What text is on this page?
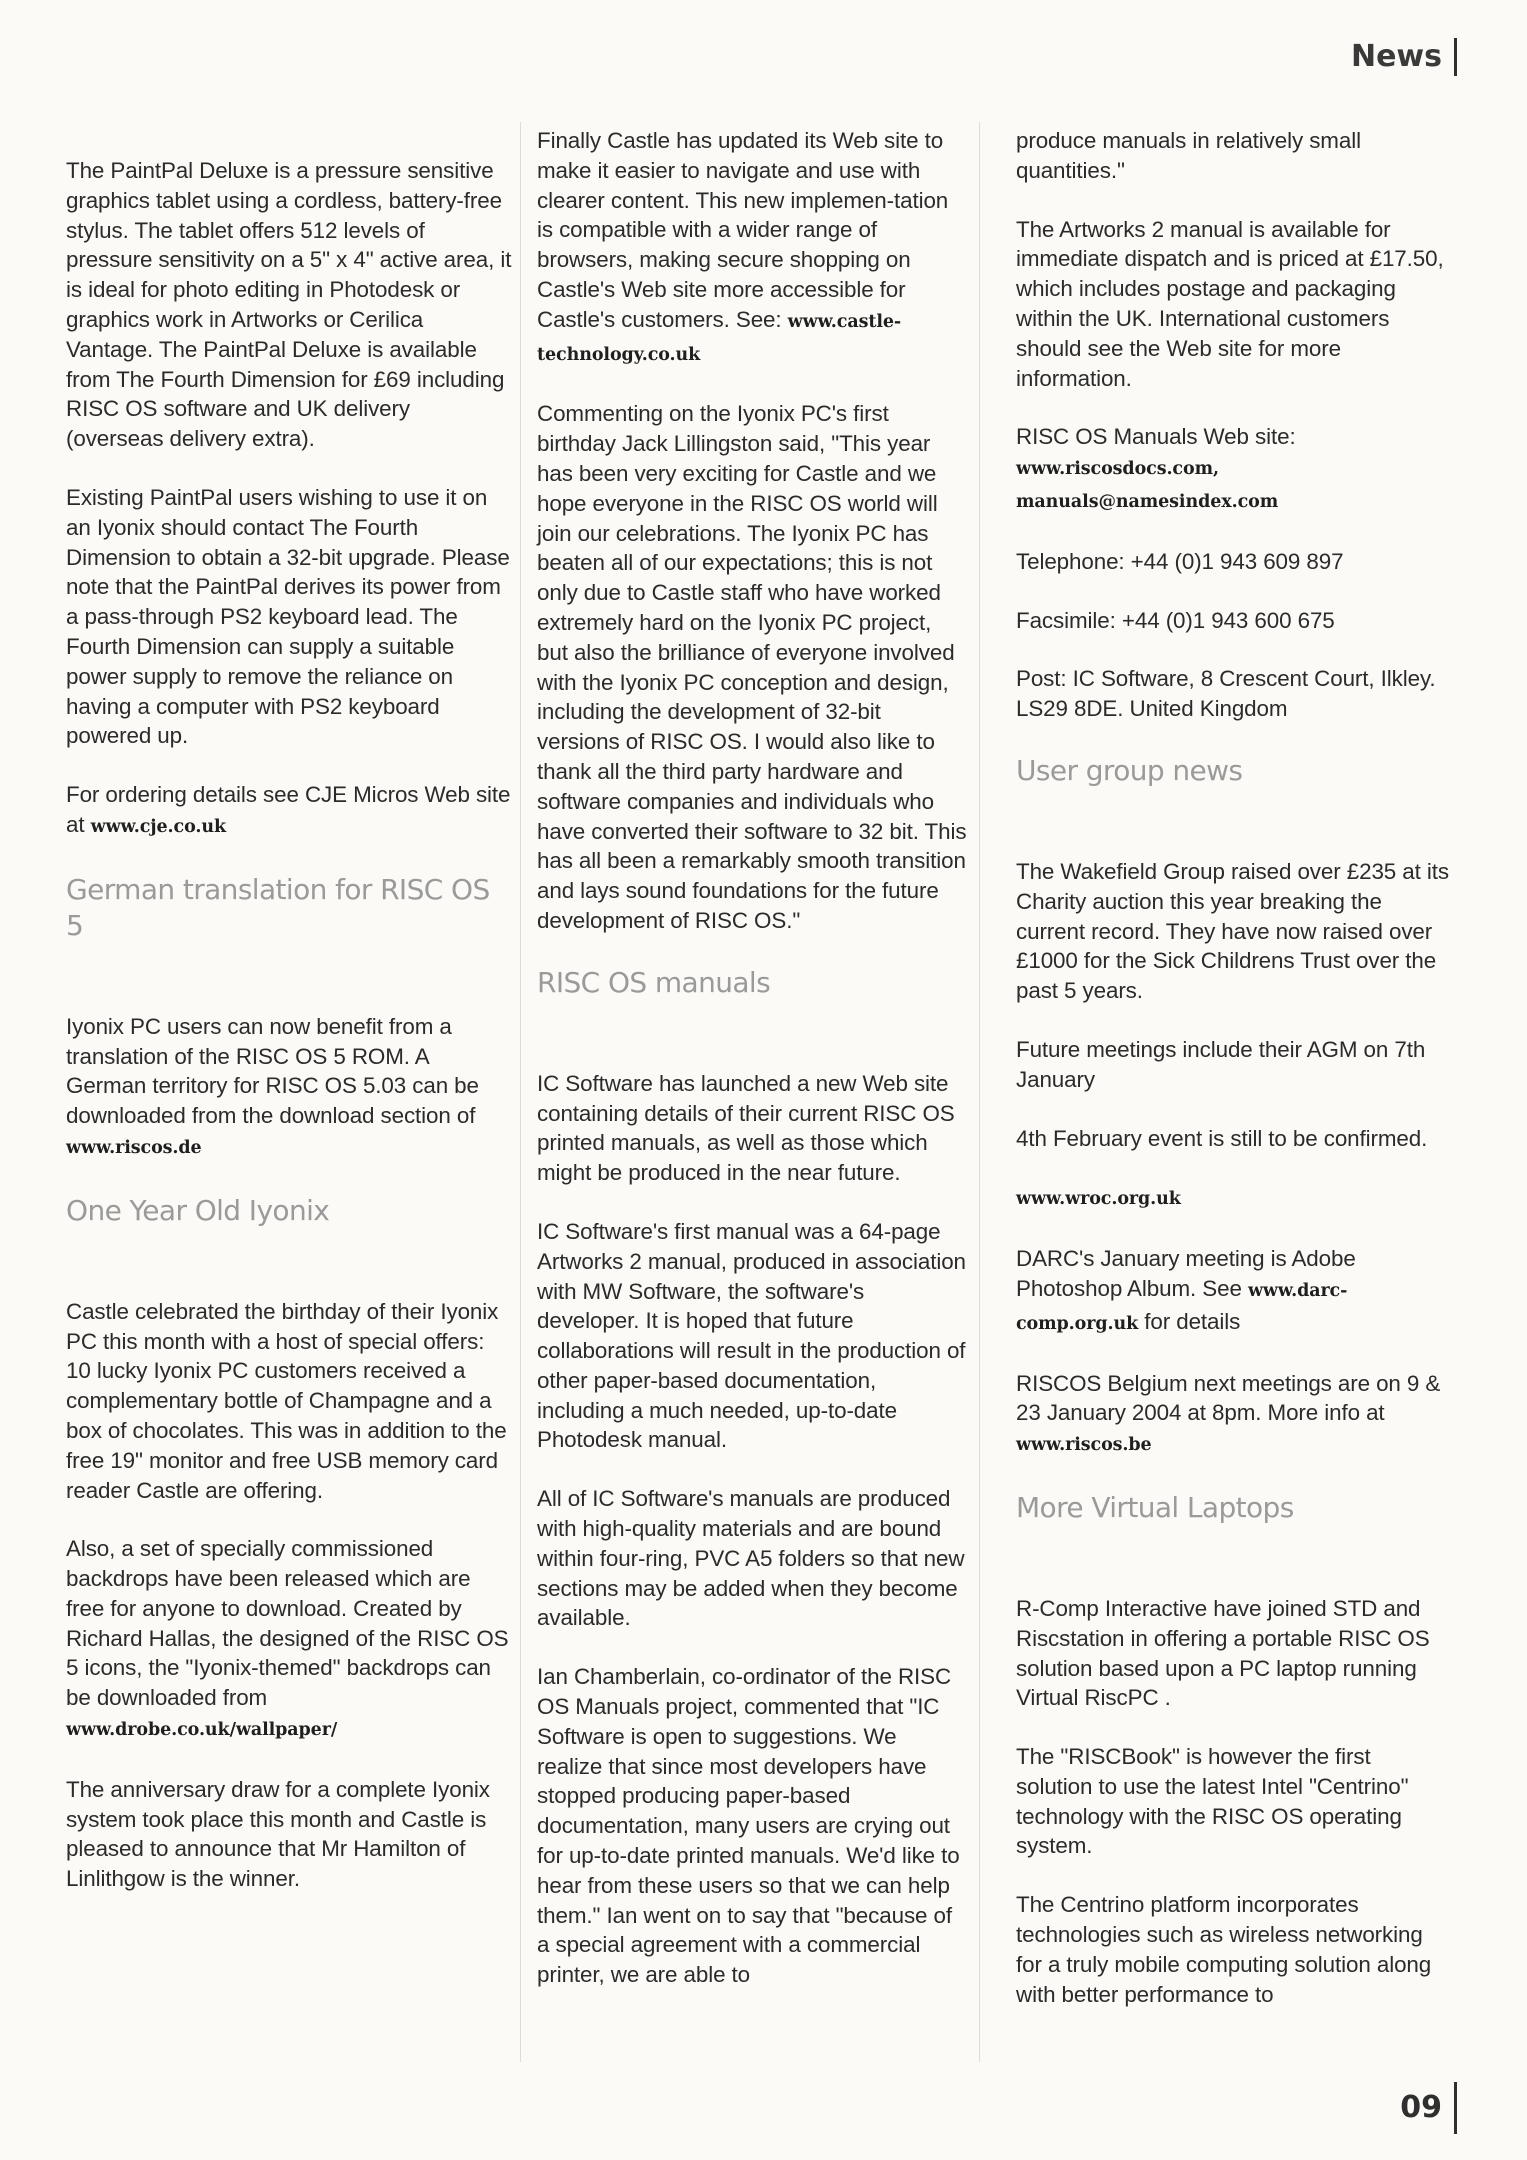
News

The PaintPal Deluxe is a pressure sensitive graphics tablet using a cordless, battery-free stylus. The tablet offers 512 levels of pressure sensitivity on a 5" x 4" active area, it is ideal for photo editing in Photodesk or graphics work in Artworks or Cerilica Vantage. The PaintPal Deluxe is available from The Fourth Dimension for £69 including RISC OS software and UK delivery (overseas delivery extra).

Existing PaintPal users wishing to use it on an Iyonix should contact The Fourth Dimension to obtain a 32-bit upgrade. Please note that the PaintPal derives its power from a pass-through PS2 keyboard lead. The Fourth Dimension can supply a suitable power supply to remove the reliance on having a computer with PS2 keyboard powered up.

For ordering details see CJE Micros Web site at www.cje.co.uk

German translation for RISC OS 5

Iyonix PC users can now benefit from a translation of the RISC OS 5 ROM. A German territory for RISC OS 5.03 can be downloaded from the download section of www.riscos.de

One Year Old Iyonix

Castle celebrated the birthday of their Iyonix PC this month with a host of special offers: 10 lucky Iyonix PC customers received a complementary bottle of Champagne and a box of chocolates. This was in addition to the free 19" monitor and free USB memory card reader Castle are offering.

Also, a set of specially commissioned backdrops have been released which are free for anyone to download. Created by Richard Hallas, the designed of the RISC OS 5 icons, the "Iyonix-themed" backdrops can be downloaded from www.drobe.co.uk/wallpaper/

The anniversary draw for a complete Iyonix system took place this month and Castle is pleased to announce that Mr Hamilton of Linlithgow is the winner.

Finally Castle has updated its Web site to make it easier to navigate and use with clearer content. This new implemen-tation is compatible with a wider range of browsers, making secure shopping on Castle's Web site more accessible for Castle's customers. See: www.castle-technology.co.uk

Commenting on the Iyonix PC's first birthday Jack Lillingston said, "This year has been very exciting for Castle and we hope everyone in the RISC OS world will join our celebrations. The Iyonix PC has beaten all of our expectations; this is not only due to Castle staff who have worked extremely hard on the Iyonix PC project, but also the brilliance of everyone involved with the Iyonix PC conception and design, including the development of 32-bit versions of RISC OS. I would also like to thank all the third party hardware and software companies and individuals who have converted their software to 32 bit. This has all been a remarkably smooth transition and lays sound foundations for the future development of RISC OS."

RISC OS manuals

IC Software has launched a new Web site containing details of their current RISC OS printed manuals, as well as those which might be produced in the near future.

IC Software's first manual was a 64-page Artworks 2 manual, produced in association with MW Software, the software's developer. It is hoped that future collaborations will result in the production of other paper-based documentation, including a much needed, up-to-date Photodesk manual.

All of IC Software's manuals are produced with high-quality materials and are bound within four-ring, PVC A5 folders so that new sections may be added when they become available.

Ian Chamberlain, co-ordinator of the RISC OS Manuals project, commented that "IC Software is open to suggestions. We realize that since most developers have stopped producing paper-based documentation, many users are crying out for up-to-date printed manuals. We'd like to hear from these users so that we can help them." Ian went on to say that "because of a special agreement with a commercial printer, we are able to

produce manuals in relatively small quantities."

The Artworks 2 manual is available for immediate dispatch and is priced at £17.50, which includes postage and packaging within the UK. International customers should see the Web site for more information.

RISC OS Manuals Web site:
www.riscosdocs.com,
manuals@namesindex.com

Telephone: +44 (0)1 943 609 897

Facsimile: +44 (0)1 943 600 675

Post: IC Software, 8 Crescent Court, Ilkley. LS29 8DE. United Kingdom

User group news

The Wakefield Group raised over £235 at its Charity auction this year breaking the current record. They have now raised over £1000 for the Sick Childrens Trust over the past 5 years.

Future meetings include their AGM on 7th January

4th February event is still to be confirmed.

www.wroc.org.uk

DARC's January meeting is Adobe Photoshop Album. See www.darc-comp.org.uk for details

RISCOS Belgium next meetings are on 9 & 23 January 2004 at 8pm. More info at www.riscos.be

More Virtual Laptops

R-Comp Interactive have joined STD and Riscstation in offering a portable RISC OS solution based upon a PC laptop running Virtual RiscPC .

The "RISCBook" is however the first solution to use the latest Intel "Centrino" technology with the RISC OS operating system.

The Centrino platform incorporates technologies such as wireless networking for a truly mobile computing solution along with better performance to

09
